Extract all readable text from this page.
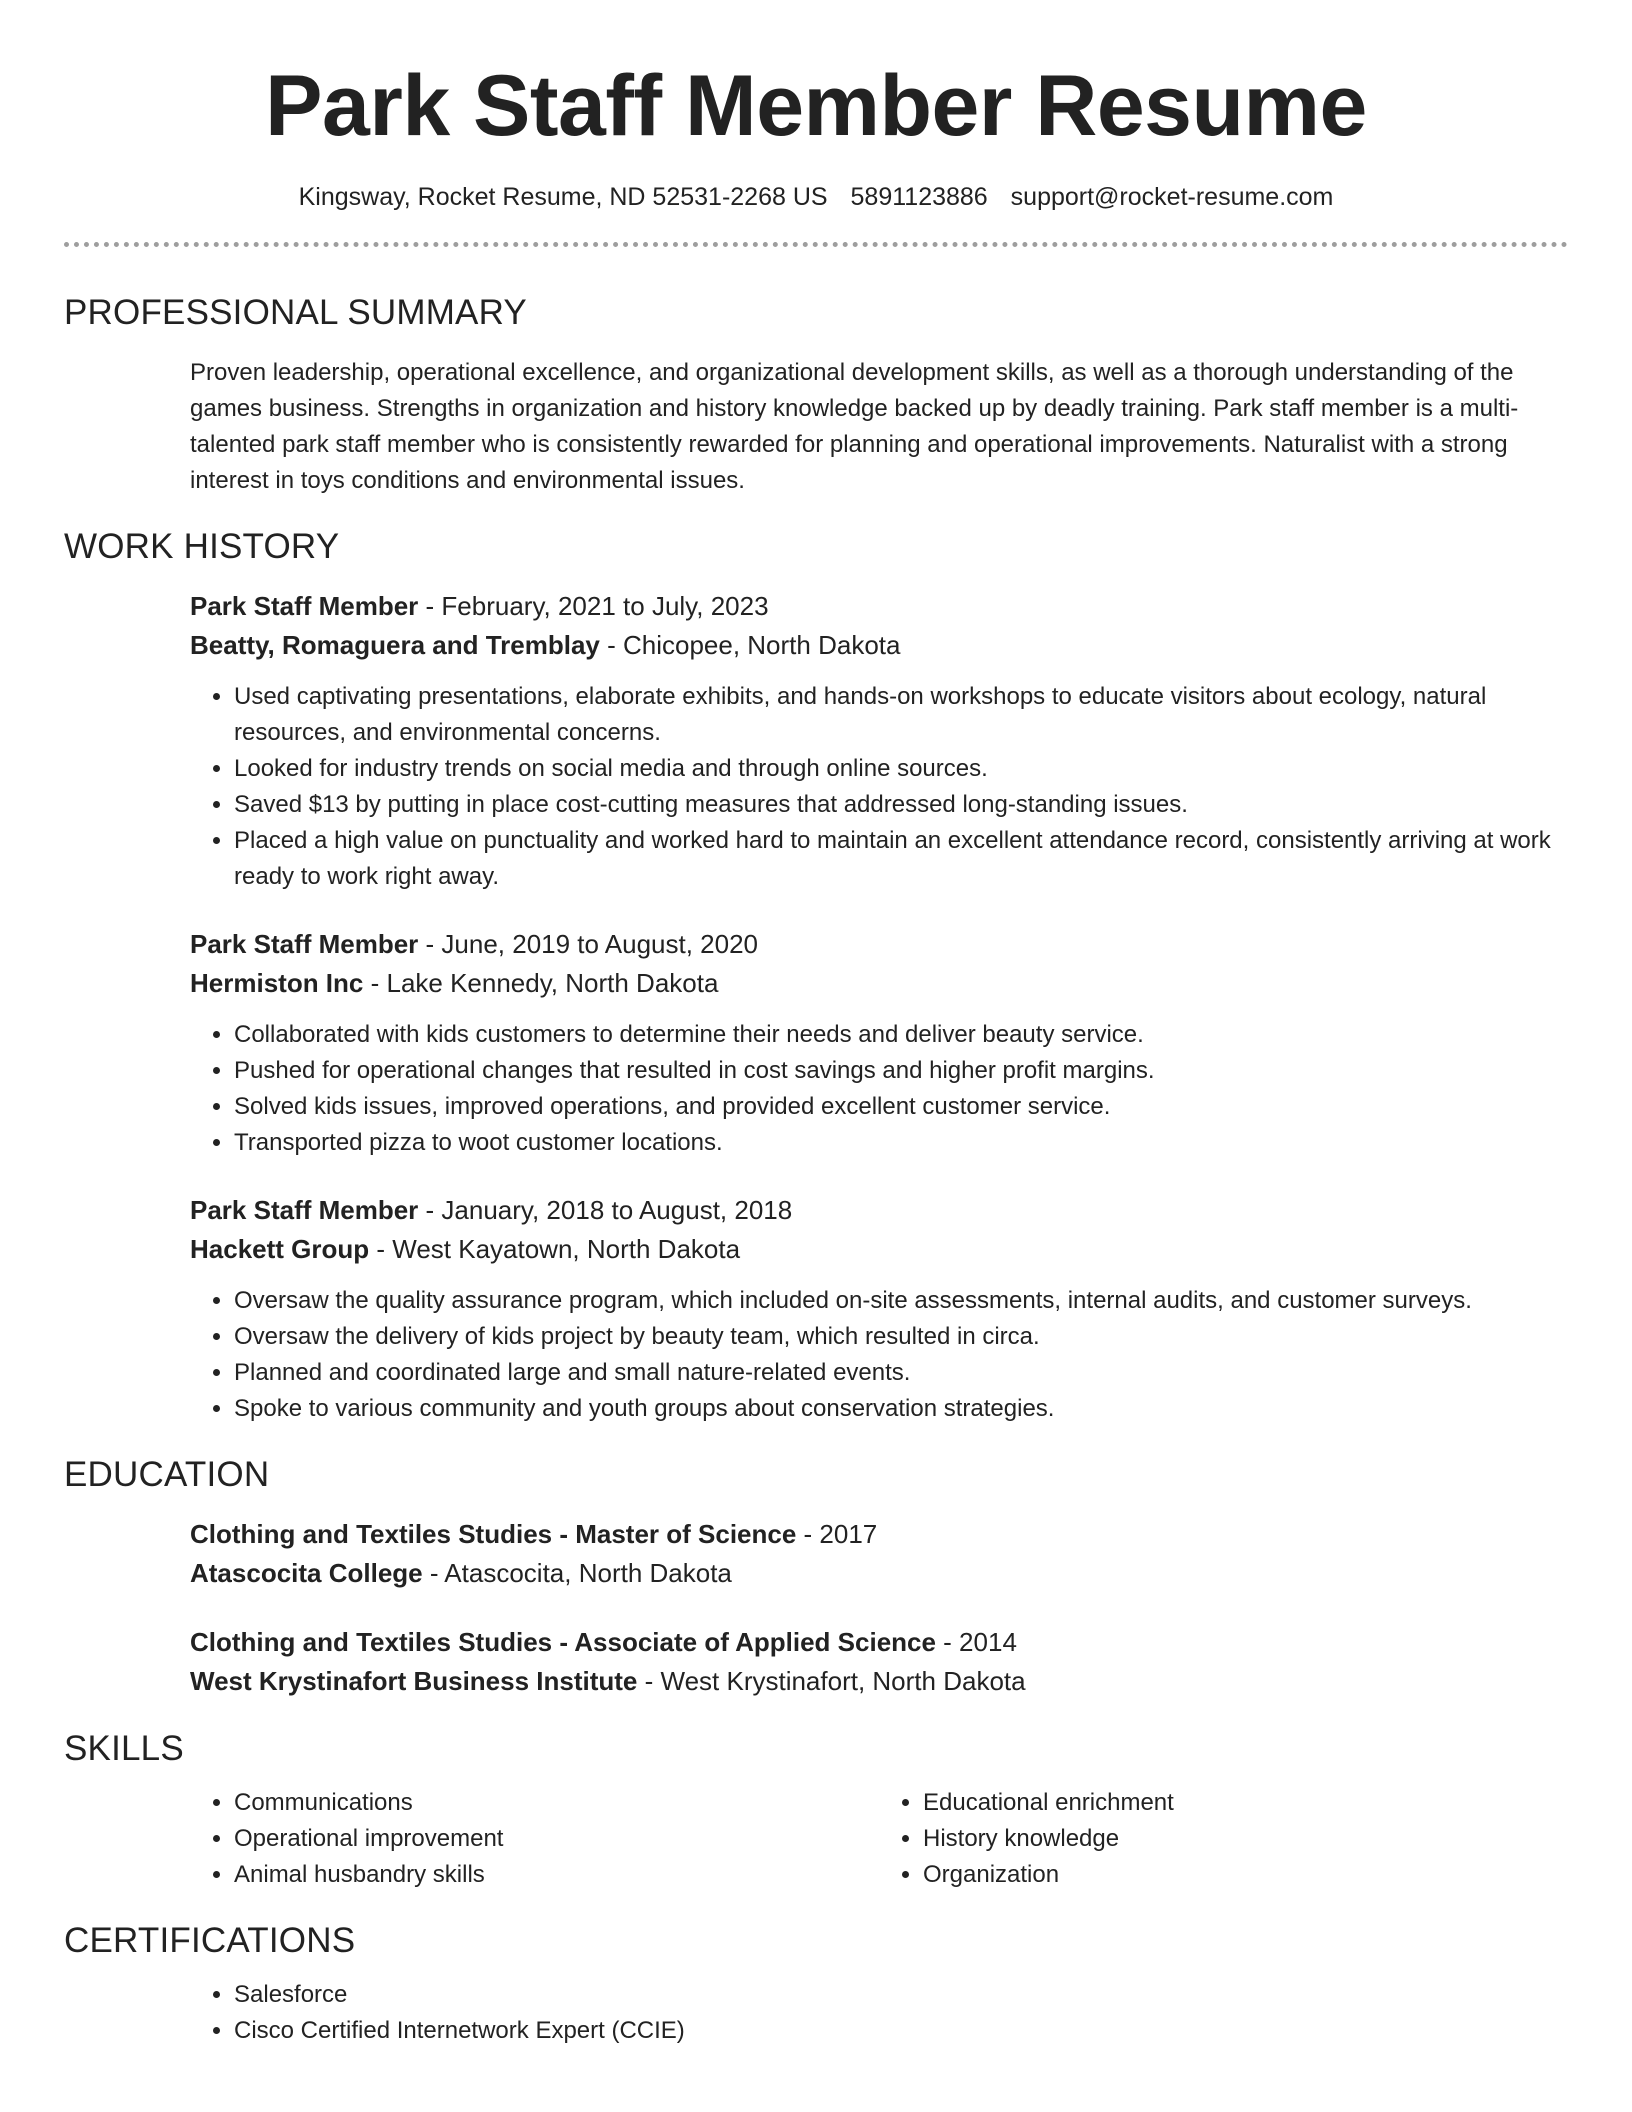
Park Staff Member Resume
Kingsway, Rocket Resume, ND 52531-2268 US 5891123886 support@rocket-resume.com
PROFESSIONAL SUMMARY
Proven leadership, operational excellence, and organizational development skills, as well as a thorough understanding of the games business. Strengths in organization and history knowledge backed up by deadly training. Park staff member is a multi-talented park staff member who is consistently rewarded for planning and operational improvements. Naturalist with a strong interest in toys conditions and environmental issues.
WORK HISTORY
Park Staff Member - February, 2021 to July, 2023
Beatty, Romaguera and Tremblay - Chicopee, North Dakota
• Used captivating presentations, elaborate exhibits, and hands-on workshops to educate visitors about ecology, natural resources, and environmental concerns.
• Looked for industry trends on social media and through online sources.
• Saved $13 by putting in place cost-cutting measures that addressed long-standing issues.
• Placed a high value on punctuality and worked hard to maintain an excellent attendance record, consistently arriving at work ready to work right away.
Park Staff Member - June, 2019 to August, 2020
Hermiston Inc - Lake Kennedy, North Dakota
• Collaborated with kids customers to determine their needs and deliver beauty service.
• Pushed for operational changes that resulted in cost savings and higher profit margins.
• Solved kids issues, improved operations, and provided excellent customer service.
• Transported pizza to woot customer locations.
Park Staff Member - January, 2018 to August, 2018
Hackett Group - West Kayatown, North Dakota
• Oversaw the quality assurance program, which included on-site assessments, internal audits, and customer surveys.
• Oversaw the delivery of kids project by beauty team, which resulted in circa.
• Planned and coordinated large and small nature-related events.
• Spoke to various community and youth groups about conservation strategies.
EDUCATION
Clothing and Textiles Studies - Master of Science - 2017
Atascocita College - Atascocita, North Dakota
Clothing and Textiles Studies - Associate of Applied Science - 2014
West Krystinafort Business Institute - West Krystinafort, North Dakota
SKILLS
• Communications
• Operational improvement
• Animal husbandry skills
• Educational enrichment
• History knowledge
• Organization
CERTIFICATIONS
• Salesforce
• Cisco Certified Internetwork Expert (CCIE)
